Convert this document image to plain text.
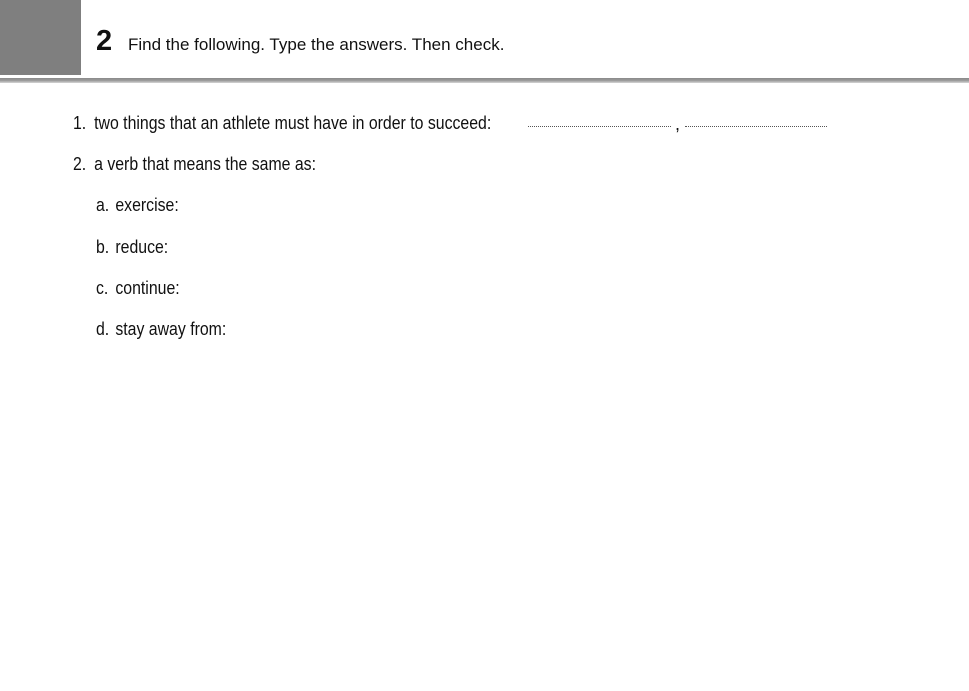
2 Find the following. Type the answers. Then check.
1. two things that an athlete must have in order to succeed:	,
2. a verb that means the same as:
a. exercise:
b. reduce:
c. continue:
d. stay away from:
